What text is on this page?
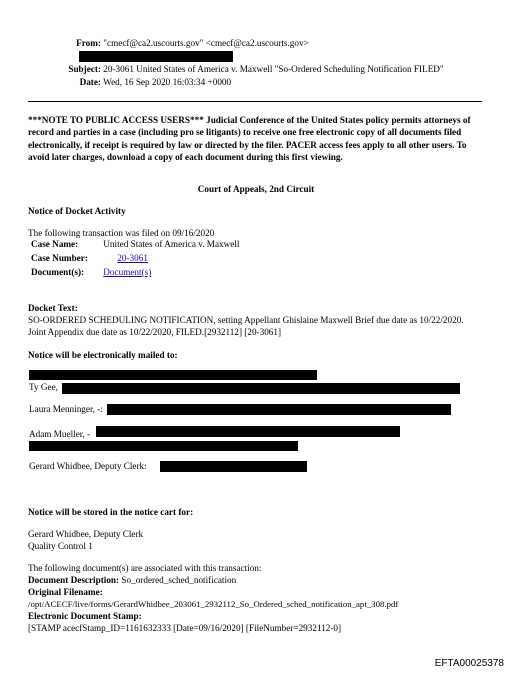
From: "cmecf@ca2.uscourts.gov" <cmecf@ca2.uscourts.gov>
Subject: 20-3061 United States of America v. Maxwell "So-Ordered Scheduling Notification FILED"
Date: Wed, 16 Sep 2020 16:03:34 +0000
***NOTE TO PUBLIC ACCESS USERS*** Judicial Conference of the United States policy permits attorneys of record and parties in a case (including pro se litigants) to receive one free electronic copy of all documents filed electronically, if receipt is required by law or directed by the filer. PACER access fees apply to all other users. To avoid later charges, download a copy of each document during this first viewing.
Court of Appeals, 2nd Circuit
Notice of Docket Activity
The following transaction was filed on 09/16/2020
Case Name:	United States of America v. Maxwell
Case Number:	20-3061
Document(s): Document(s)
Docket Text:
SO-ORDERED SCHEDULING NOTIFICATION, setting Appellant Ghislaine Maxwell Brief due date as 10/22/2020. Joint Appendix due date as 10/22/2020, FILED.[2932112] [20-3061]
Notice will be electronically mailed to:
Ty Gee,
Laura Menninger, -:
Adam Mueller, -
Gerard Whidbee, Deputy Clerk:
Notice will be stored in the notice cart for:
Gerard Whidbee, Deputy Clerk
Quality Control 1
The following document(s) are associated with this transaction:
Document Description: So_ordered_sched_notification
Original Filename:
/opt/ACECF/live/forms/GerardWhidbee_203061_2932112_So_Ordered_sched_notification_apt_308.pdf
Electronic Document Stamp:
[STAMP acecfStamp_ID=1161632333 [Date=09/16/2020] [FileNumber=2932112-0]
EFTA00025378
